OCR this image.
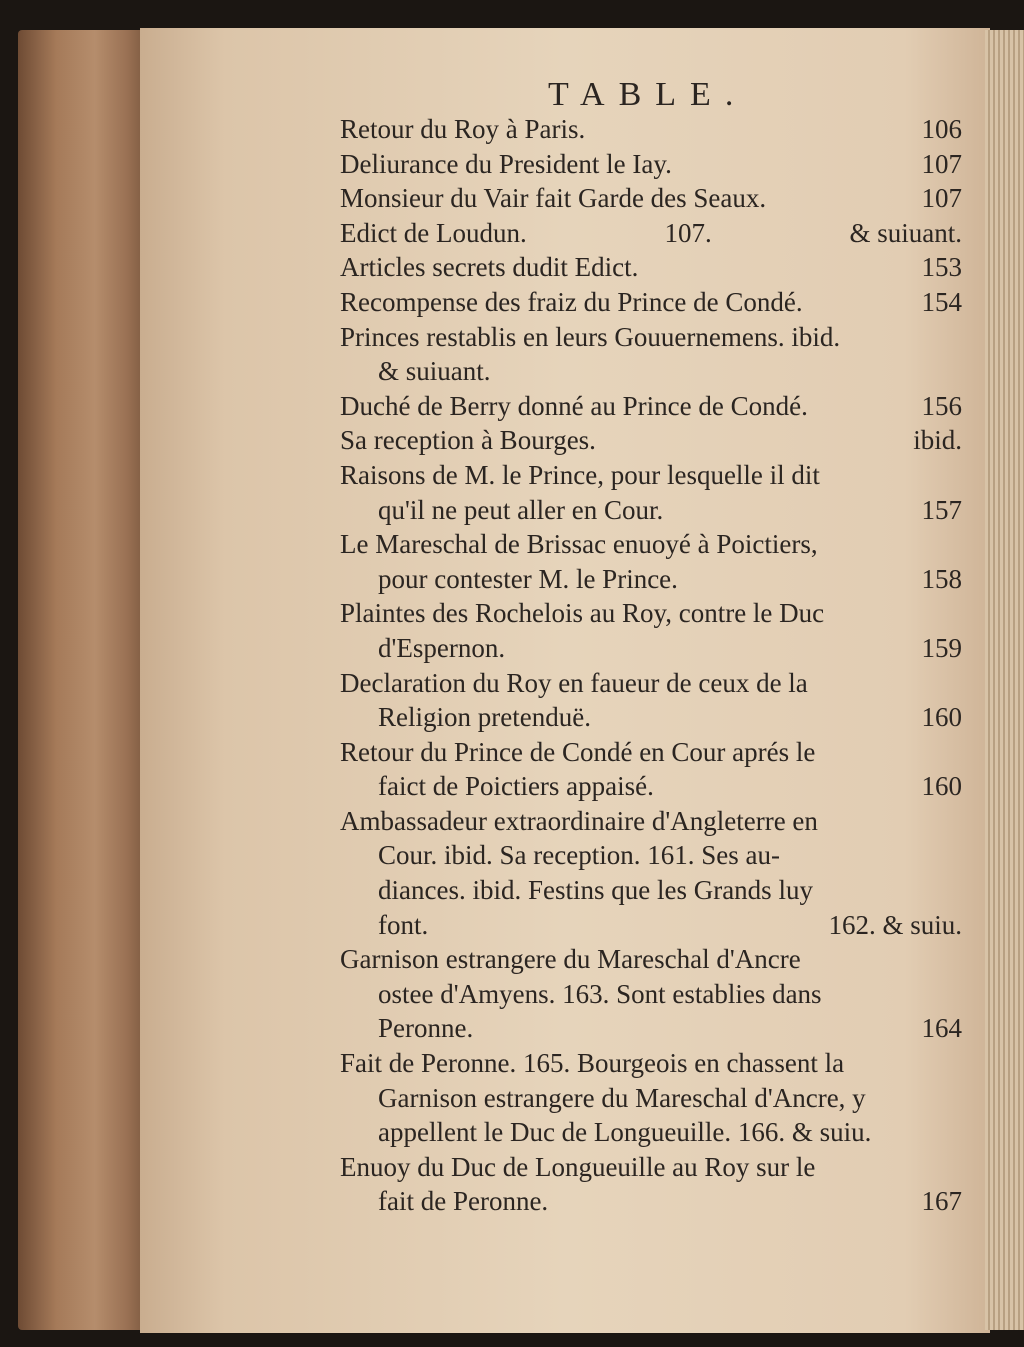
TABLE.
Retour du Roy à Paris.	106
Deliurance du President le Iay.	107
Monsieur du Vair fait Garde des Seaux.	107
Edict de Loudun.	107.	& suiuant.
Articles secrets dudit Edict.	153
Recompense des fraiz du Prince de Condé.	154
Princes restablis en leurs Gouuernemens. ibid.
& suiuant.
Duché de Berry donné au Prince de Condé.	156
Sa reception à Bourges.	ibid.
Raisons de M. le Prince, pour lesquelle il dit
qu'il ne peut aller en Cour.	157
Le Mareschal de Brissac enuoyé à Poictiers,
pour contester M. le Prince.	158
Plaintes des Rochelois au Roy, contre le Duc
d'Espernon.	159
Declaration du Roy en faueur de ceux de la
Religion pretenduë.	160
Retour du Prince de Condé en Cour aprés le
faict de Poictiers appaisé.	160
Ambassadeur extraordinaire d'Angleterre en
Cour. ibid. Sa reception. 161. Ses au-
diances. ibid. Festins que les Grands luy
font.	162. & suiu.
Garnison estrangere du Mareschal d'Ancre
ostee d'Amyens. 163. Sont establies dans
Peronne.	164
Fait de Peronne. 165. Bourgeois en chassent la
Garnison estrangere du Mareschal d'Ancre, y
appellent le Duc de Longueuille. 166. & suiu.
Enuoy du Duc de Longueuille au Roy sur le
fait de Peronne.	167
